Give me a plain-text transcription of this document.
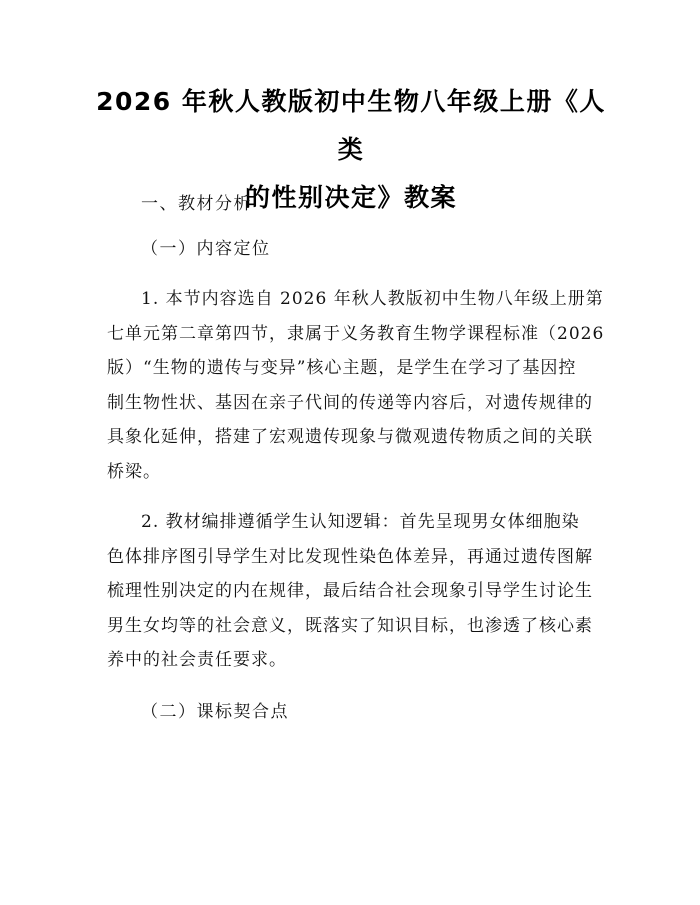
2026 年秋人教版初中生物八年级上册《人类
的性别决定》教案

一、教材分析

（一）内容定位

1. 本节内容选自 2026 年秋人教版初中生物八年级上册第
七单元第二章第四节，隶属于义务教育生物学课程标准（2026
版）“生物的遗传与变异”核心主题，是学生在学习了基因控
制生物性状、基因在亲子代间的传递等内容后，对遗传规律的
具象化延伸，搭建了宏观遗传现象与微观遗传物质之间的关联
桥梁。

2. 教材编排遵循学生认知逻辑：首先呈现男女体细胞染
色体排序图引导学生对比发现性染色体差异，再通过遗传图解
梳理性别决定的内在规律，最后结合社会现象引导学生讨论生
男生女均等的社会意义，既落实了知识目标，也渗透了核心素
养中的社会责任要求。

（二）课标契合点
